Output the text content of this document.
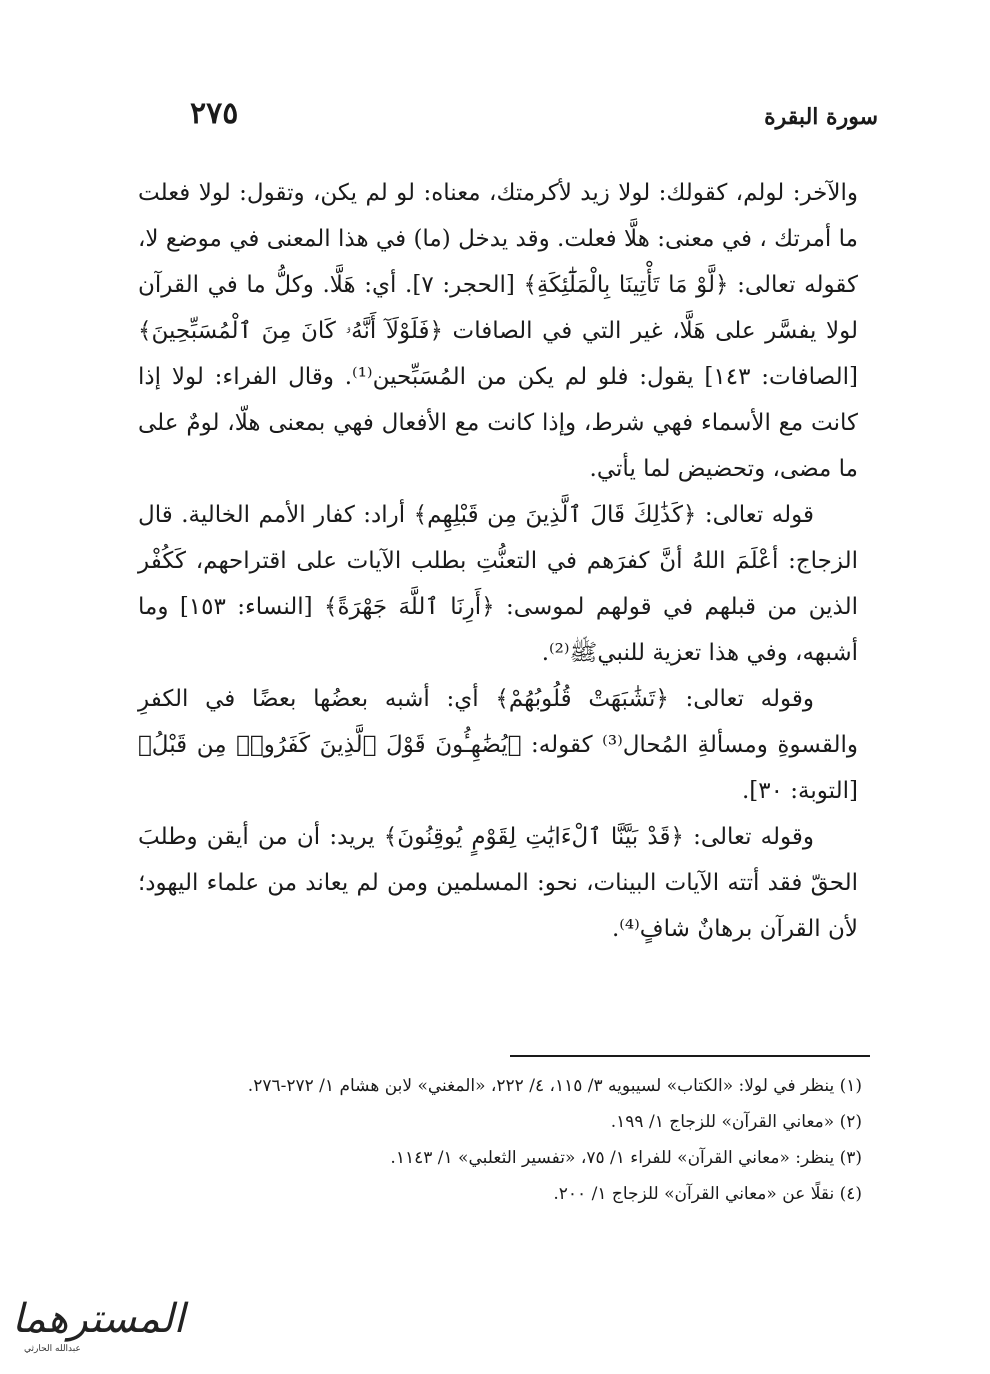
سورة البقرة
٢٧٥

والآخر: لولم، كقولك: لولا زيد لأكرمتك، معناه: لو لم يكن، وتقول: لولا فعلت ما أمرتك ، في معنى: هلَّا فعلت. وقد يدخل (ما) في هذا المعنى في موضع لا، كقوله تعالى: ﴿لَّوْ مَا تَأْتِينَا بِالْمَلَٰٓئِكَةِ﴾ [الحجر: ٧]. أي: هَلَّا. وكلُّ ما في القرآن لولا يفسَّر على هَلَّا، غير التي في الصافات ﴿فَلَوْلَآ أَنَّهُۥ كَانَ مِنَ ٱلْمُسَبِّحِينَ﴾ [الصافات: ١٤٣] يقول: فلو لم يكن من المُسَبِّحين⁽¹⁾. وقال الفراء: لولا إذا كانت مع الأسماء فهي شرط، وإذا كانت مع الأفعال فهي بمعنى هلّا، لومٌ على ما مضى، وتحضيض لما يأتي.

قوله تعالى: ﴿كَذَٰلِكَ قَالَ ٱلَّذِينَ مِن قَبْلِهِم﴾ أراد: كفار الأمم الخالية. قال الزجاج: أعْلَمَ اللهُ أنَّ كفرَهم في التعنُّتِ بطلب الآيات على اقتراحهم، كَكُفْر الذين من قبلهم في قولهم لموسى: ﴿أَرِنَا ٱللَّهَ جَهْرَةً﴾ [النساء: ١٥٣] وما أشبهه، وفي هذا تعزية للنبيﷺ⁽²⁾.

وقوله تعالى: ﴿تَشَٰبَهَتْ قُلُوبُهُمْ﴾ أي: أشبه بعضُها بعضًا في الكفرِ والقسوةِ ومسألةِ المُحال⁽³⁾ كقوله: ﴿يُضَٰهِـُٔونَ قَوْلَ ٱلَّذِينَ كَفَرُوا۟ مِن قَبْلُ﴾ [التوبة: ٣٠].

وقوله تعالى: ﴿قَدْ بَيَّنَّا ٱلْءَايَٰتِ لِقَوْمٍ يُوقِنُونَ﴾ يريد: أن من أيقن وطلبَ الحقّ فقد أتته الآيات البينات، نحو: المسلمين ومن لم يعاند من علماء اليهود؛ لأن القرآن برهانٌ شافٍ⁽⁴⁾.

(١) ينظر في لولا: «الكتاب» لسيبويه ٣/ ١١٥، ٤/ ٢٢٢، «المغني» لابن هشام ١/ ٢٧٢-٢٧٦.

(٢) «معاني القرآن» للزجاج ١/ ١٩٩.

(٣) ينظر: «معاني القرآن» للفراء ١/ ٧٥، «تفسير الثعلبي» ١/ ١١٤٣.

(٤) نقلًا عن «معاني القرآن» للزجاج ١/ ٢٠٠.

المسترهما
عبدالله الحارثي
